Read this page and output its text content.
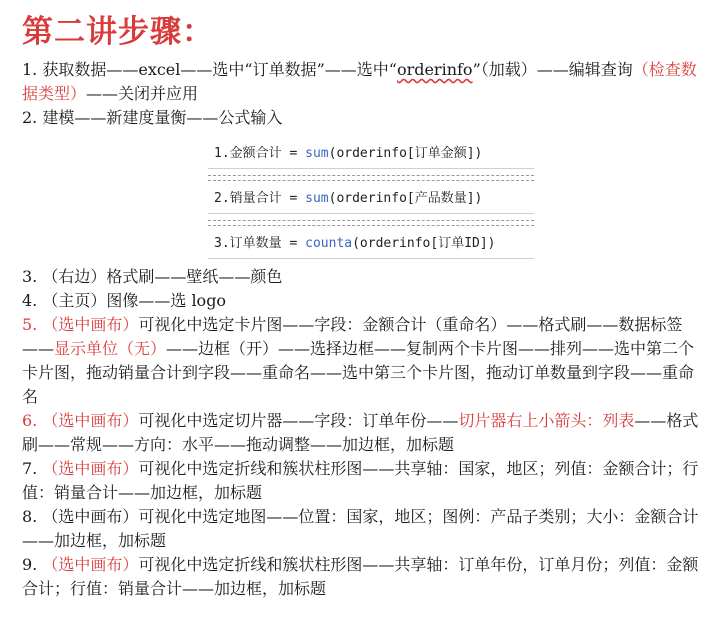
第二讲步骤：

1. 获取数据——excel——选中“订单数据”——选中“orderinfo”（加载）——编辑查询（检查数据类型）——关闭并应用

2. 建模——新建度量衡——公式输入

1.金额合计 = sum(orderinfo[订单金额])
2.销量合计 = sum(orderinfo[产品数量])
3.订单数量 = counta(orderinfo[订单ID])

3. （右边）格式刷——壁纸——颜色

4. （主页）图像——选 logo

5. （选中画布）可视化中选定卡片图——字段：金额合计（重命名）——格式刷——数据标签——显示单位（无）——边框（开）——选择边框——复制两个卡片图——排列——选中第二个卡片图，拖动销量合计到字段——重命名——选中第三个卡片图，拖动订单数量到字段——重命名

6. （选中画布）可视化中选定切片器——字段：订单年份——切片器右上小箭头：列表——格式刷——常规——方向：水平——拖动调整——加边框，加标题

7. （选中画布）可视化中选定折线和簇状柱形图——共享轴：国家，地区；列值：金额合计；行值：销量合计——加边框，加标题

8. （选中画布）可视化中选定地图——位置：国家，地区；图例：产品子类别；大小：金额合计——加边框，加标题

9. （选中画布）可视化中选定折线和簇状柱形图——共享轴：订单年份，订单月份；列值：金额合计；行值：销量合计——加边框，加标题
